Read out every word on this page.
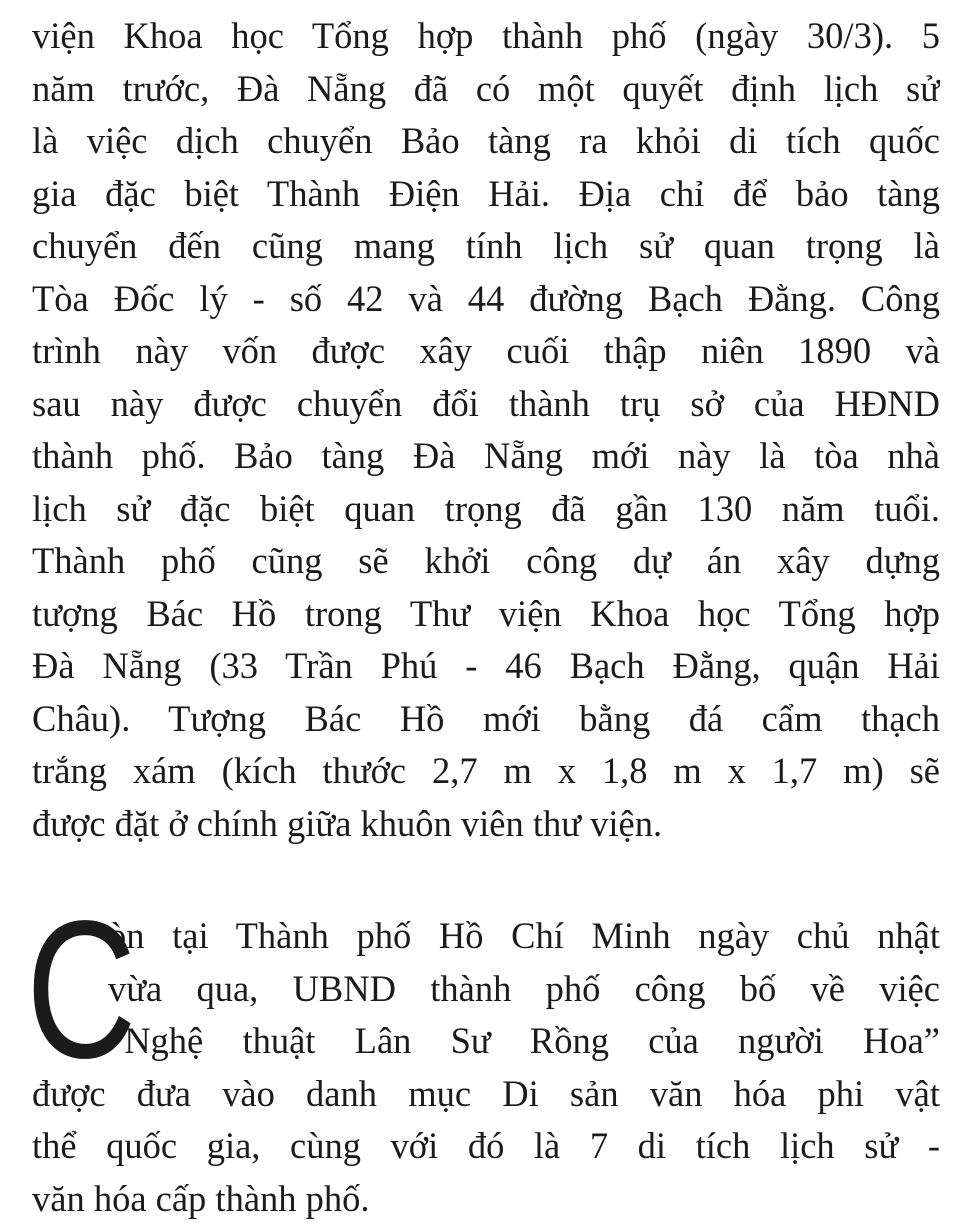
viện Khoa học Tổng hợp thành phố (ngày 30/3). 5
năm trước, Đà Nẵng đã có một quyết định lịch sử
là việc dịch chuyển Bảo tàng ra khỏi di tích quốc
gia đặc biệt Thành Điện Hải. Địa chỉ để bảo tàng
chuyển đến cũng mang tính lịch sử quan trọng là
Tòa Đốc lý - số 42 và 44 đường Bạch Đằng. Công
trình này vốn được xây cuối thập niên 1890 và
sau này được chuyển đổi thành trụ sở của HĐND
thành phố. Bảo tàng Đà Nẵng mới này là tòa nhà
lịch sử đặc biệt quan trọng đã gần 130 năm tuổi.
Thành phố cũng sẽ khởi công dự án xây dựng
tượng Bác Hồ trong Thư viện Khoa học Tổng hợp
Đà Nẵng (33 Trần Phú - 46 Bạch Đằng, quận Hải
Châu). Tượng Bác Hồ mới bằng đá cẩm thạch
trắng xám (kích thước 2,7 m x 1,8 m x 1,7 m) sẽ
được đặt ở chính giữa khuôn viên thư viện.
C
òn tại Thành phố Hồ Chí Minh ngày chủ nhật
vừa qua, UBND thành phố công bố về việc
“Nghệ thuật Lân Sư Rồng của người Hoa”
được đưa vào danh mục Di sản văn hóa phi vật
thể quốc gia, cùng với đó là 7 di tích lịch sử -
văn hóa cấp thành phố.
